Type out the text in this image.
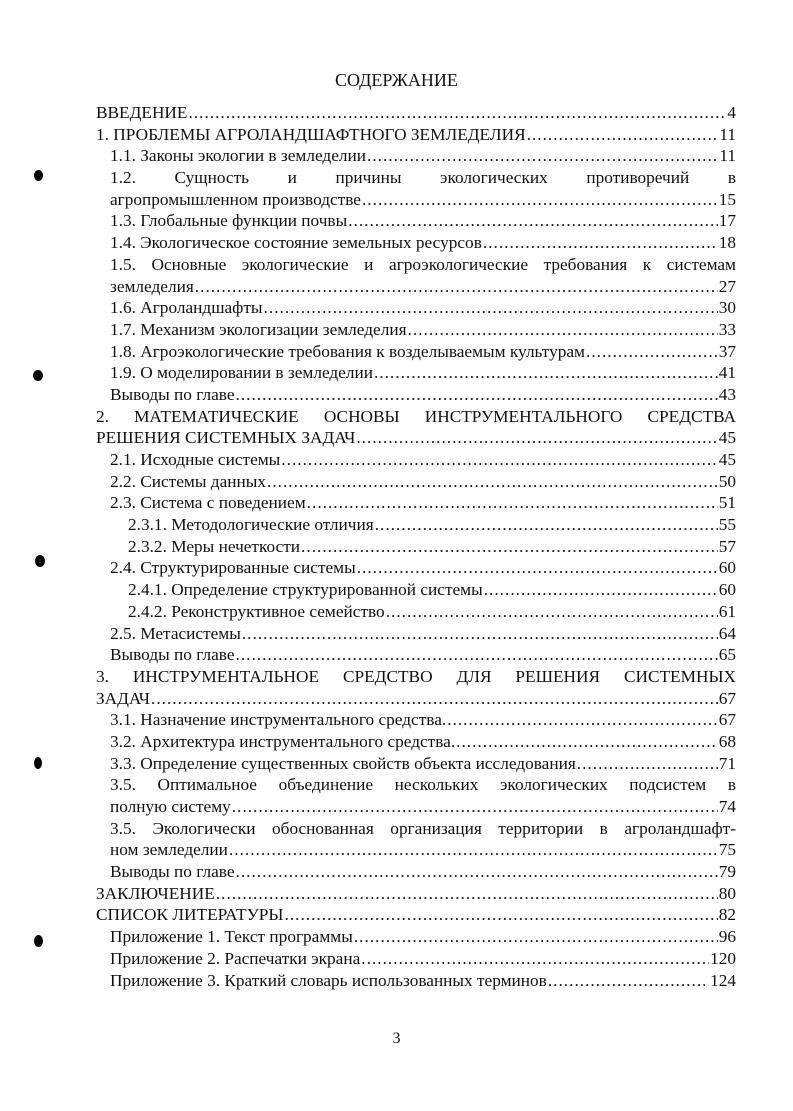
СОДЕРЖАНИЕ
ВВЕДЕНИЕ .....	4
1. ПРОБЛЕМЫ АГРОЛАНДШАФТНОГО ЗЕМЛЕДЕЛИЯ .....	11
1.1. Законы экологии в земледелии .....	11
1.2. Сущность и причины экологических противоречий в
агропромышленном производстве .....	15
1.3. Глобальные функции почвы .....	17
1.4. Экологическое состояние земельных ресурсов .....	18
1.5. Основные экологические и агроэкологические требования к системам
земледелия .....	27
1.6. Агроландшафты .....	30
1.7. Механизм экологизации земледелия .....	33
1.8. Агроэкологические требования к возделываемым культурам .....	37
1.9. О моделировании в земледелии .....	41
Выводы по главе .....	43
2. МАТЕМАТИЧЕСКИЕ ОСНОВЫ ИНСТРУМЕНТАЛЬНОГО СРЕДСТВА
РЕШЕНИЯ СИСТЕМНЫХ ЗАДАЧ .....	45
2.1. Исходные системы .....	45
2.2. Системы данных .....	50
2.3. Система с поведением .....	51
2.3.1. Методологические отличия .....	55
2.3.2. Меры нечеткости .....	57
2.4. Структурированные системы .....	60
2.4.1. Определение структурированной системы .....	60
2.4.2. Реконструктивное семейство .....	61
2.5. Метасистемы .....	64
Выводы по главе .....	65
3. ИНСТРУМЕНТАЛЬНОЕ СРЕДСТВО ДЛЯ РЕШЕНИЯ СИСТЕМНЫХ
ЗАДАЧ .....	67
3.1. Назначение инструментального средства. .....	67
3.2. Архитектура инструментального средства. .....	68
3.3. Определение существенных свойств объекта исследования .....	71
3.5. Оптимальное объединение нескольких экологических подсистем в
полную систему .....	74
3.5. Экологически обоснованная организация территории в агроландшафт-
ном земледелии .....	75
Выводы по главе .....	79
ЗАКЛЮЧЕНИЕ .....	80
СПИСОК ЛИТЕРАТУРЫ .....	82
Приложение 1. Текст программы .....	96
Приложение 2. Распечатки экрана .....	120
Приложение 3. Краткий словарь использованных терминов .....	124
3
